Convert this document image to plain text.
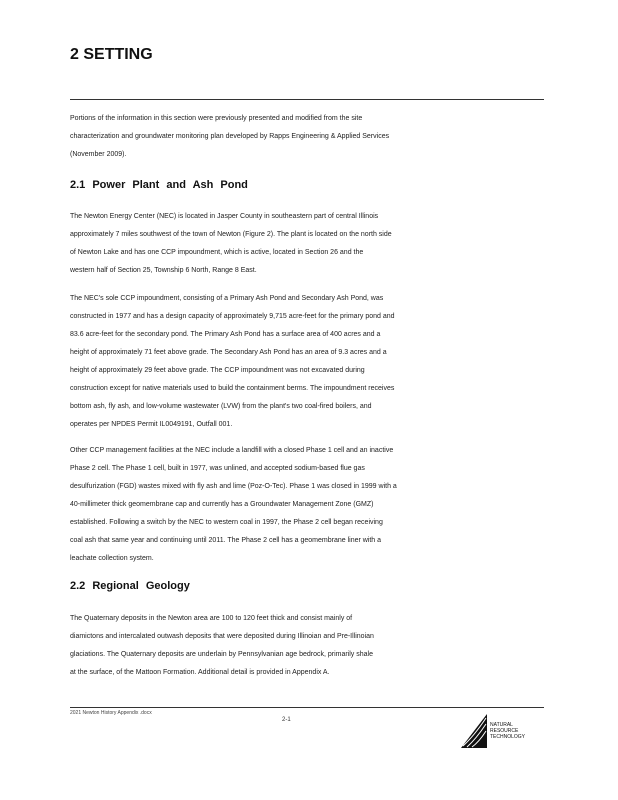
2 SETTING
Portions of the information in this section were previously presented and modified from the site
characterization and groundwater monitoring plan developed by Rapps Engineering & Applied Services
(November 2009).
2.1 Power Plant and Ash Pond
The Newton Energy Center (NEC) is located in Jasper County in southeastern part of central Illinois
approximately 7 miles southwest of the town of Newton (Figure 2). The plant is located on the north side
of Newton Lake and has one CCP impoundment, which is active, located in Section 26 and the
western half of Section 25, Township 6 North, Range 8 East.
The NEC's sole CCP impoundment, consisting of a Primary Ash Pond and Secondary Ash Pond, was
constructed in 1977 and has a design capacity of approximately 9,715 acre-feet for the primary pond and
83.6 acre-feet for the secondary pond. The Primary Ash Pond has a surface area of 400 acres and a
height of approximately 71 feet above grade. The Secondary Ash Pond has an area of 9.3 acres and a
height of approximately 29 feet above grade. The CCP impoundment was not excavated during
construction except for native materials used to build the containment berms. The impoundment receives
bottom ash, fly ash, and low-volume wastewater (LVW) from the plant's two coal-fired boilers, and
operates per NPDES Permit IL0049191, Outfall 001.
Other CCP management facilities at the NEC include a landfill with a closed Phase 1 cell and an inactive
Phase 2 cell. The Phase 1 cell, built in 1977, was unlined, and accepted sodium-based flue gas
desulfurization (FGD) wastes mixed with fly ash and lime (Poz-O-Tec). Phase 1 was closed in 1999 with a
40-millimeter thick geomembrane cap and currently has a Groundwater Management Zone (GMZ)
established. Following a switch by the NEC to western coal in 1997, the Phase 2 cell began receiving
coal ash that same year and continuing until 2011. The Phase 2 cell has a geomembrane liner with a
leachate collection system.
2.2 Regional Geology
The Quaternary deposits in the Newton area are 100 to 120 feet thick and consist mainly of
diamictons and intercalated outwash deposits that were deposited during Illinoian and Pre-Illinoian
glaciations. The Quaternary deposits are underlain by Pennsylvanian age bedrock, primarily shale
at the surface, of the Mattoon Formation. Additional detail is provided in Appendix A.
2021 Newton History Appendix .docx
2-1
NATURAL
RESOURCE
TECHNOLOGY
